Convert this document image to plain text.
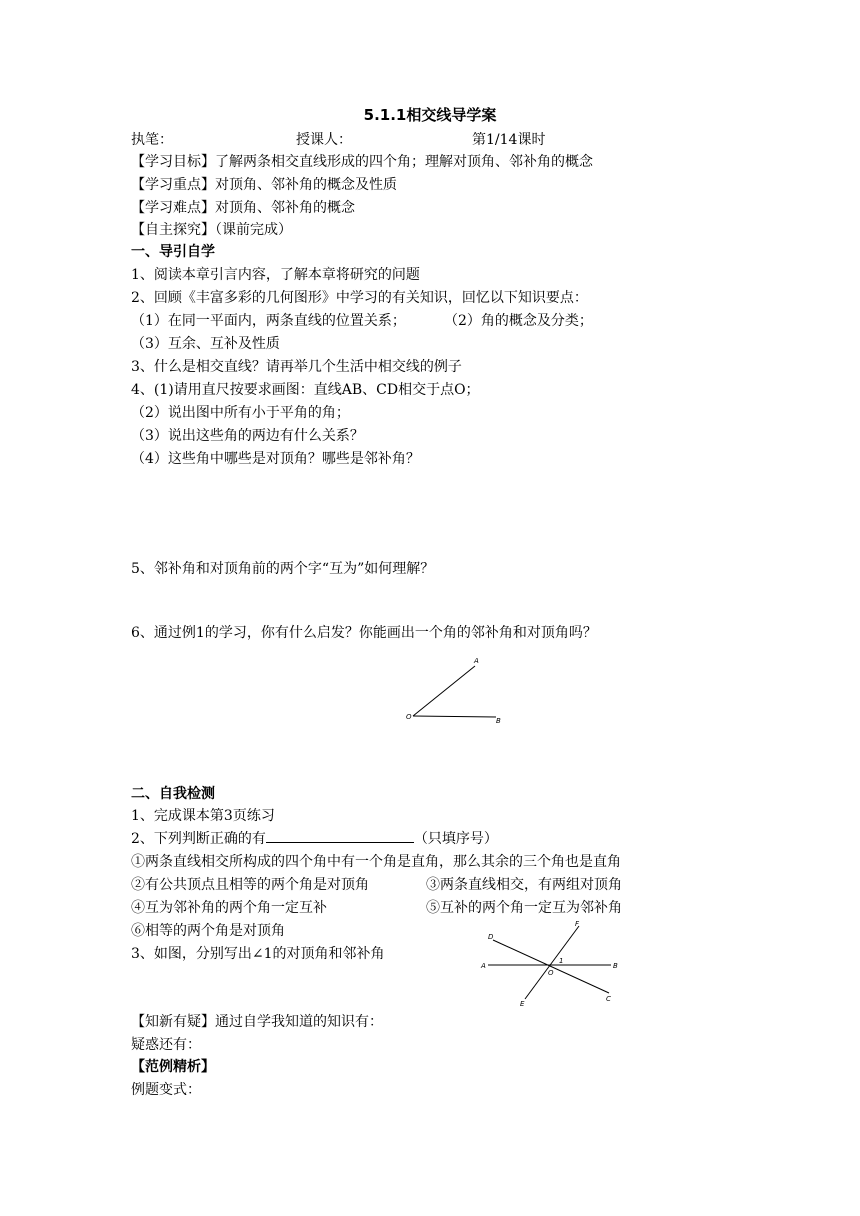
5.1.1相交线导学案
执笔：	授课人：	第1/14课时
【学习目标】了解两条相交直线形成的四个角；理解对顶角、邻补角的概念
【学习重点】对顶角、邻补角的概念及性质
【学习难点】对顶角、邻补角的概念
【自主探究】（课前完成）
一、导引自学
1、阅读本章引言内容，了解本章将研究的问题
2、回顾《丰富多彩的几何图形》中学习的有关知识，回忆以下知识要点：
（1）在同一平面内，两条直线的位置关系；	（2）角的概念及分类；
（3）互余、互补及性质
3、什么是相交直线？请再举几个生活中相交线的例子
4、(1)请用直尺按要求画图：直线AB、CD相交于点O；
（2）说出图中所有小于平角的角；
（3）说出这些角的两边有什么关系？
（4）这些角中哪些是对顶角？哪些是邻补角？
5、邻补角和对顶角前的两个字“互为”如何理解？
6、通过例1的学习，你有什么启发？你能画出一个角的邻补角和对顶角吗？
A
O	B
二、自我检测
1、完成课本第3页练习
2、下列判断正确的有	（只填序号）
①两条直线相交所构成的四个角中有一个角是直角，那么其余的三个角也是直角
②有公共顶点且相等的两个角是对顶角	③两条直线相交，有两组对顶角
④互为邻补角的两个角一定互补	⑤互补的两个角一定互为邻补角
⑥相等的两个角是对顶角
3、如图，分别写出∠1的对顶角和邻补角
D
F
A	B
O
1
E
C
【知新有疑】通过自学我知道的知识有：
疑惑还有：
【范例精析】
例题变式：
